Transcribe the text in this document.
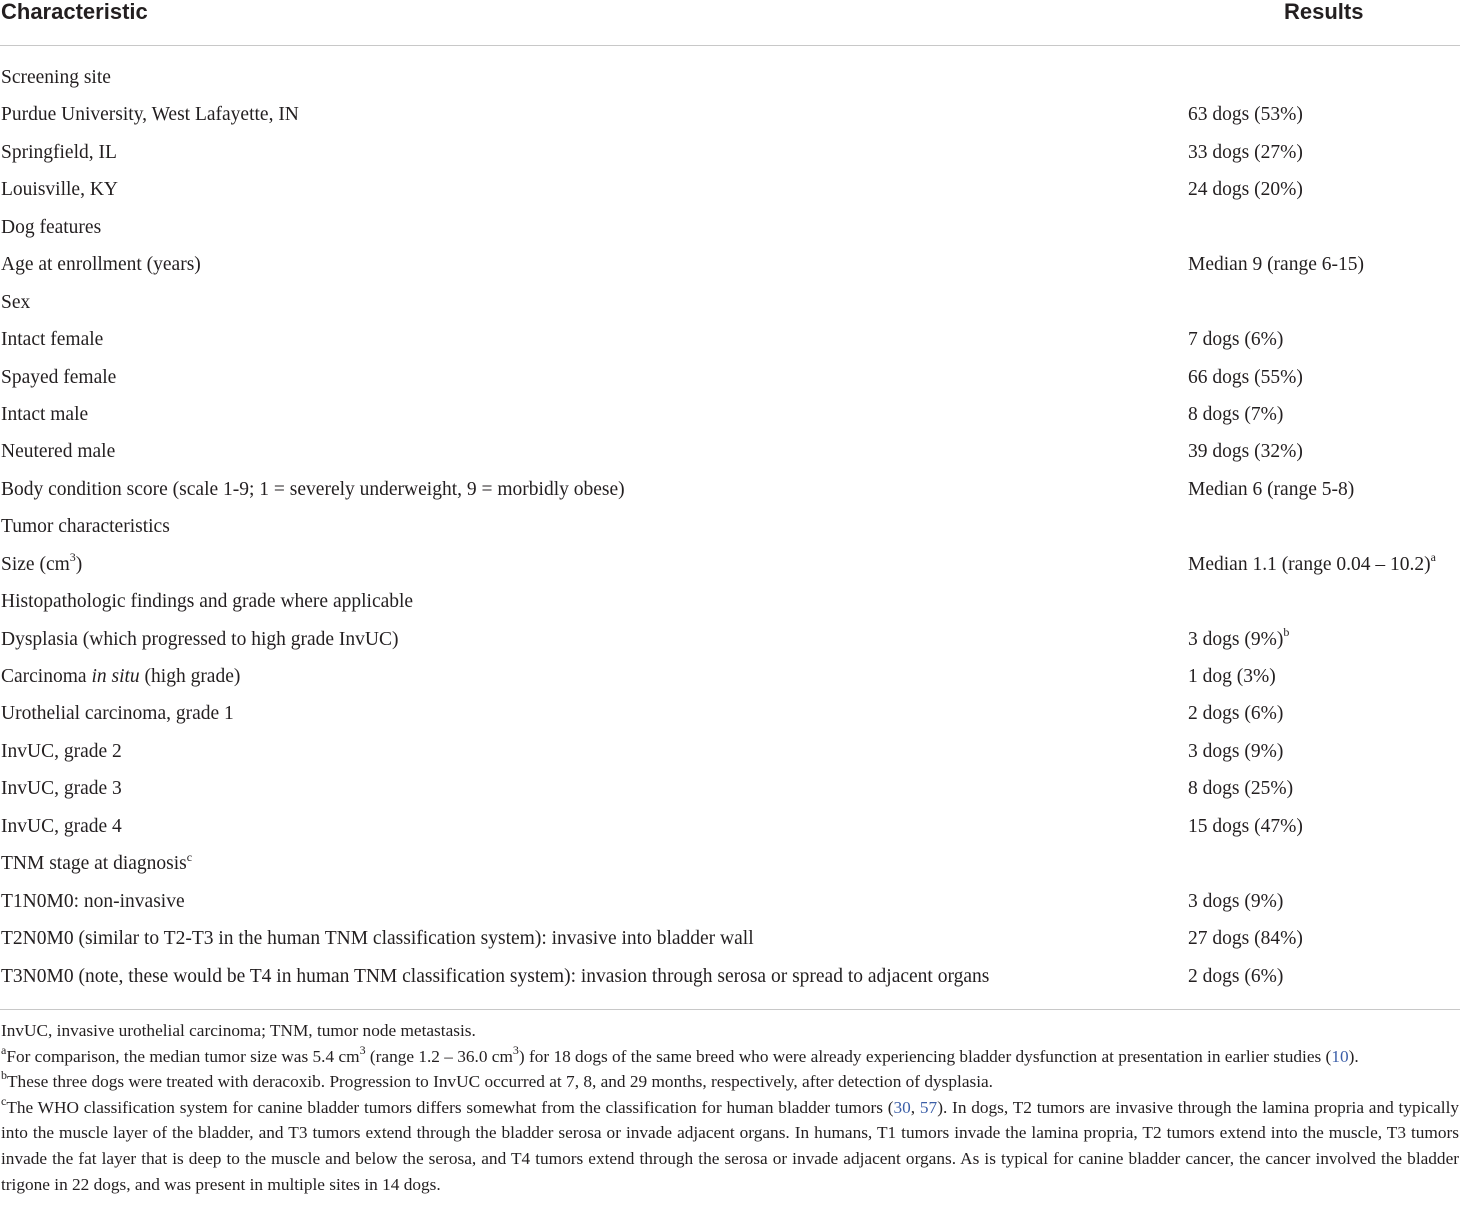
Characteristic	Results
Screening site
Purdue University, West Lafayette, IN	63 dogs (53%)
Springfield, IL	33 dogs (27%)
Louisville, KY	24 dogs (20%)
Dog features
Age at enrollment (years)	Median 9 (range 6-15)
Sex
Intact female	7 dogs (6%)
Spayed female	66 dogs (55%)
Intact male	8 dogs (7%)
Neutered male	39 dogs (32%)
Body condition score (scale 1-9; 1 = severely underweight, 9 = morbidly obese)	Median 6 (range 5-8)
Tumor characteristics
Size $(cm^3)$	Median 1.1 (range 0.04 – 10.2)$^a$
Histopathologic findings and grade where applicable
Dysplasia (which progressed to high grade InvUC)	3 dogs $(9\%)^b$
Carcinoma in situ (high grade)	1 dog (3%)
Urothelial carcinoma, grade 1	2 dogs (6%)
InvUC, grade 2	3 dogs (9%)
InvUC, grade 3	8 dogs (25%)
InvUC, grade 4	15 dogs (47%)
TNM stage at diagnosis$^c$
T1N0M0: non-invasive	3 dogs (9%)
T2N0M0 (similar to T2-T3 in the human TNM classification system): invasive into bladder wall	27 dogs (84%)
T3N0M0 (note, these would be T4 in human TNM classification system): invasion through serosa or spread to adjacent organs	2 dogs (6%)

InvUC, invasive urothelial carcinoma; TNM, tumor node metastasis.

$^a$For comparison, the median tumor size was 5.4 $cm^3$ (range 1.2 – 36.0 $cm^3$) for 18 dogs of the same breed who were already experiencing bladder dysfunction at presentation in earlier studies (10).

$^b$These three dogs were treated with deracoxib. Progression to InvUC occurred at 7, 8, and 29 months, respectively, after detection of dysplasia.

$^c$The WHO classification system for canine bladder tumors differs somewhat from the classification for human bladder tumors (30, 57). In dogs, T2 tumors are invasive through the lamina propria and typically into the muscle layer of the bladder, and T3 tumors extend through the bladder serosa or invade adjacent organs. In humans, T1 tumors invade the lamina propria, T2 tumors extend into the muscle, T3 tumors invade the fat layer that is deep to the muscle and below the serosa, and T4 tumors extend through the serosa or invade adjacent organs. As is typical for canine bladder cancer, the cancer involved the bladder trigone in 22 dogs, and was present in multiple sites in 14 dogs.
